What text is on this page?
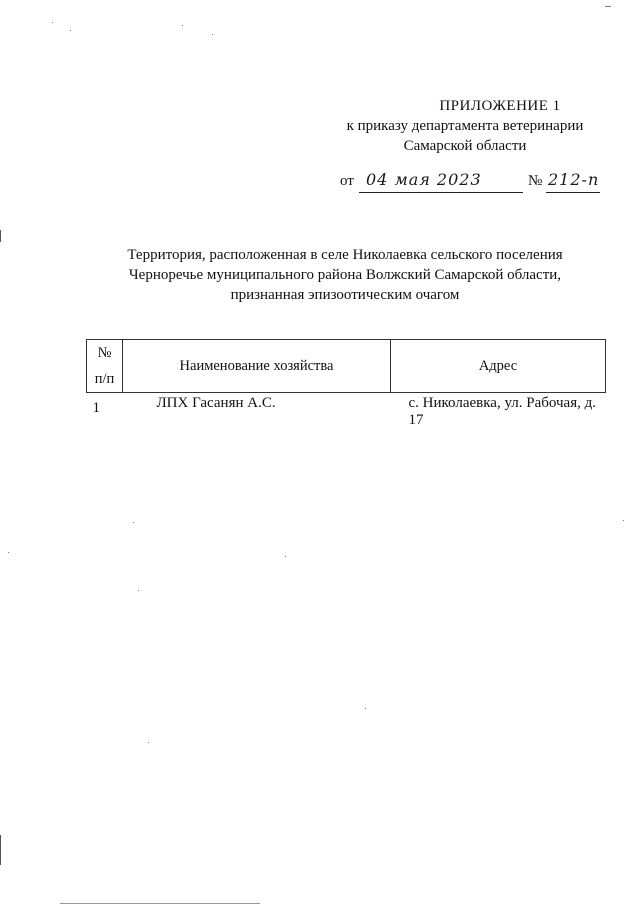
ПРИЛОЖЕНИЕ 1
к приказу департамента ветеринарии
Самарской области
от 04 мая 2023	№ 212-п
Территория, расположенная в селе Николаевка сельского поселения
Черноречье муниципального района Волжский Самарской области,
признанная эпизоотическим очагом
№
п/п	Наименование хозяйства	Адрес
1	ЛПХ Гасанян А.С.	с. Николаевка, ул. Рабочая, д. 17
